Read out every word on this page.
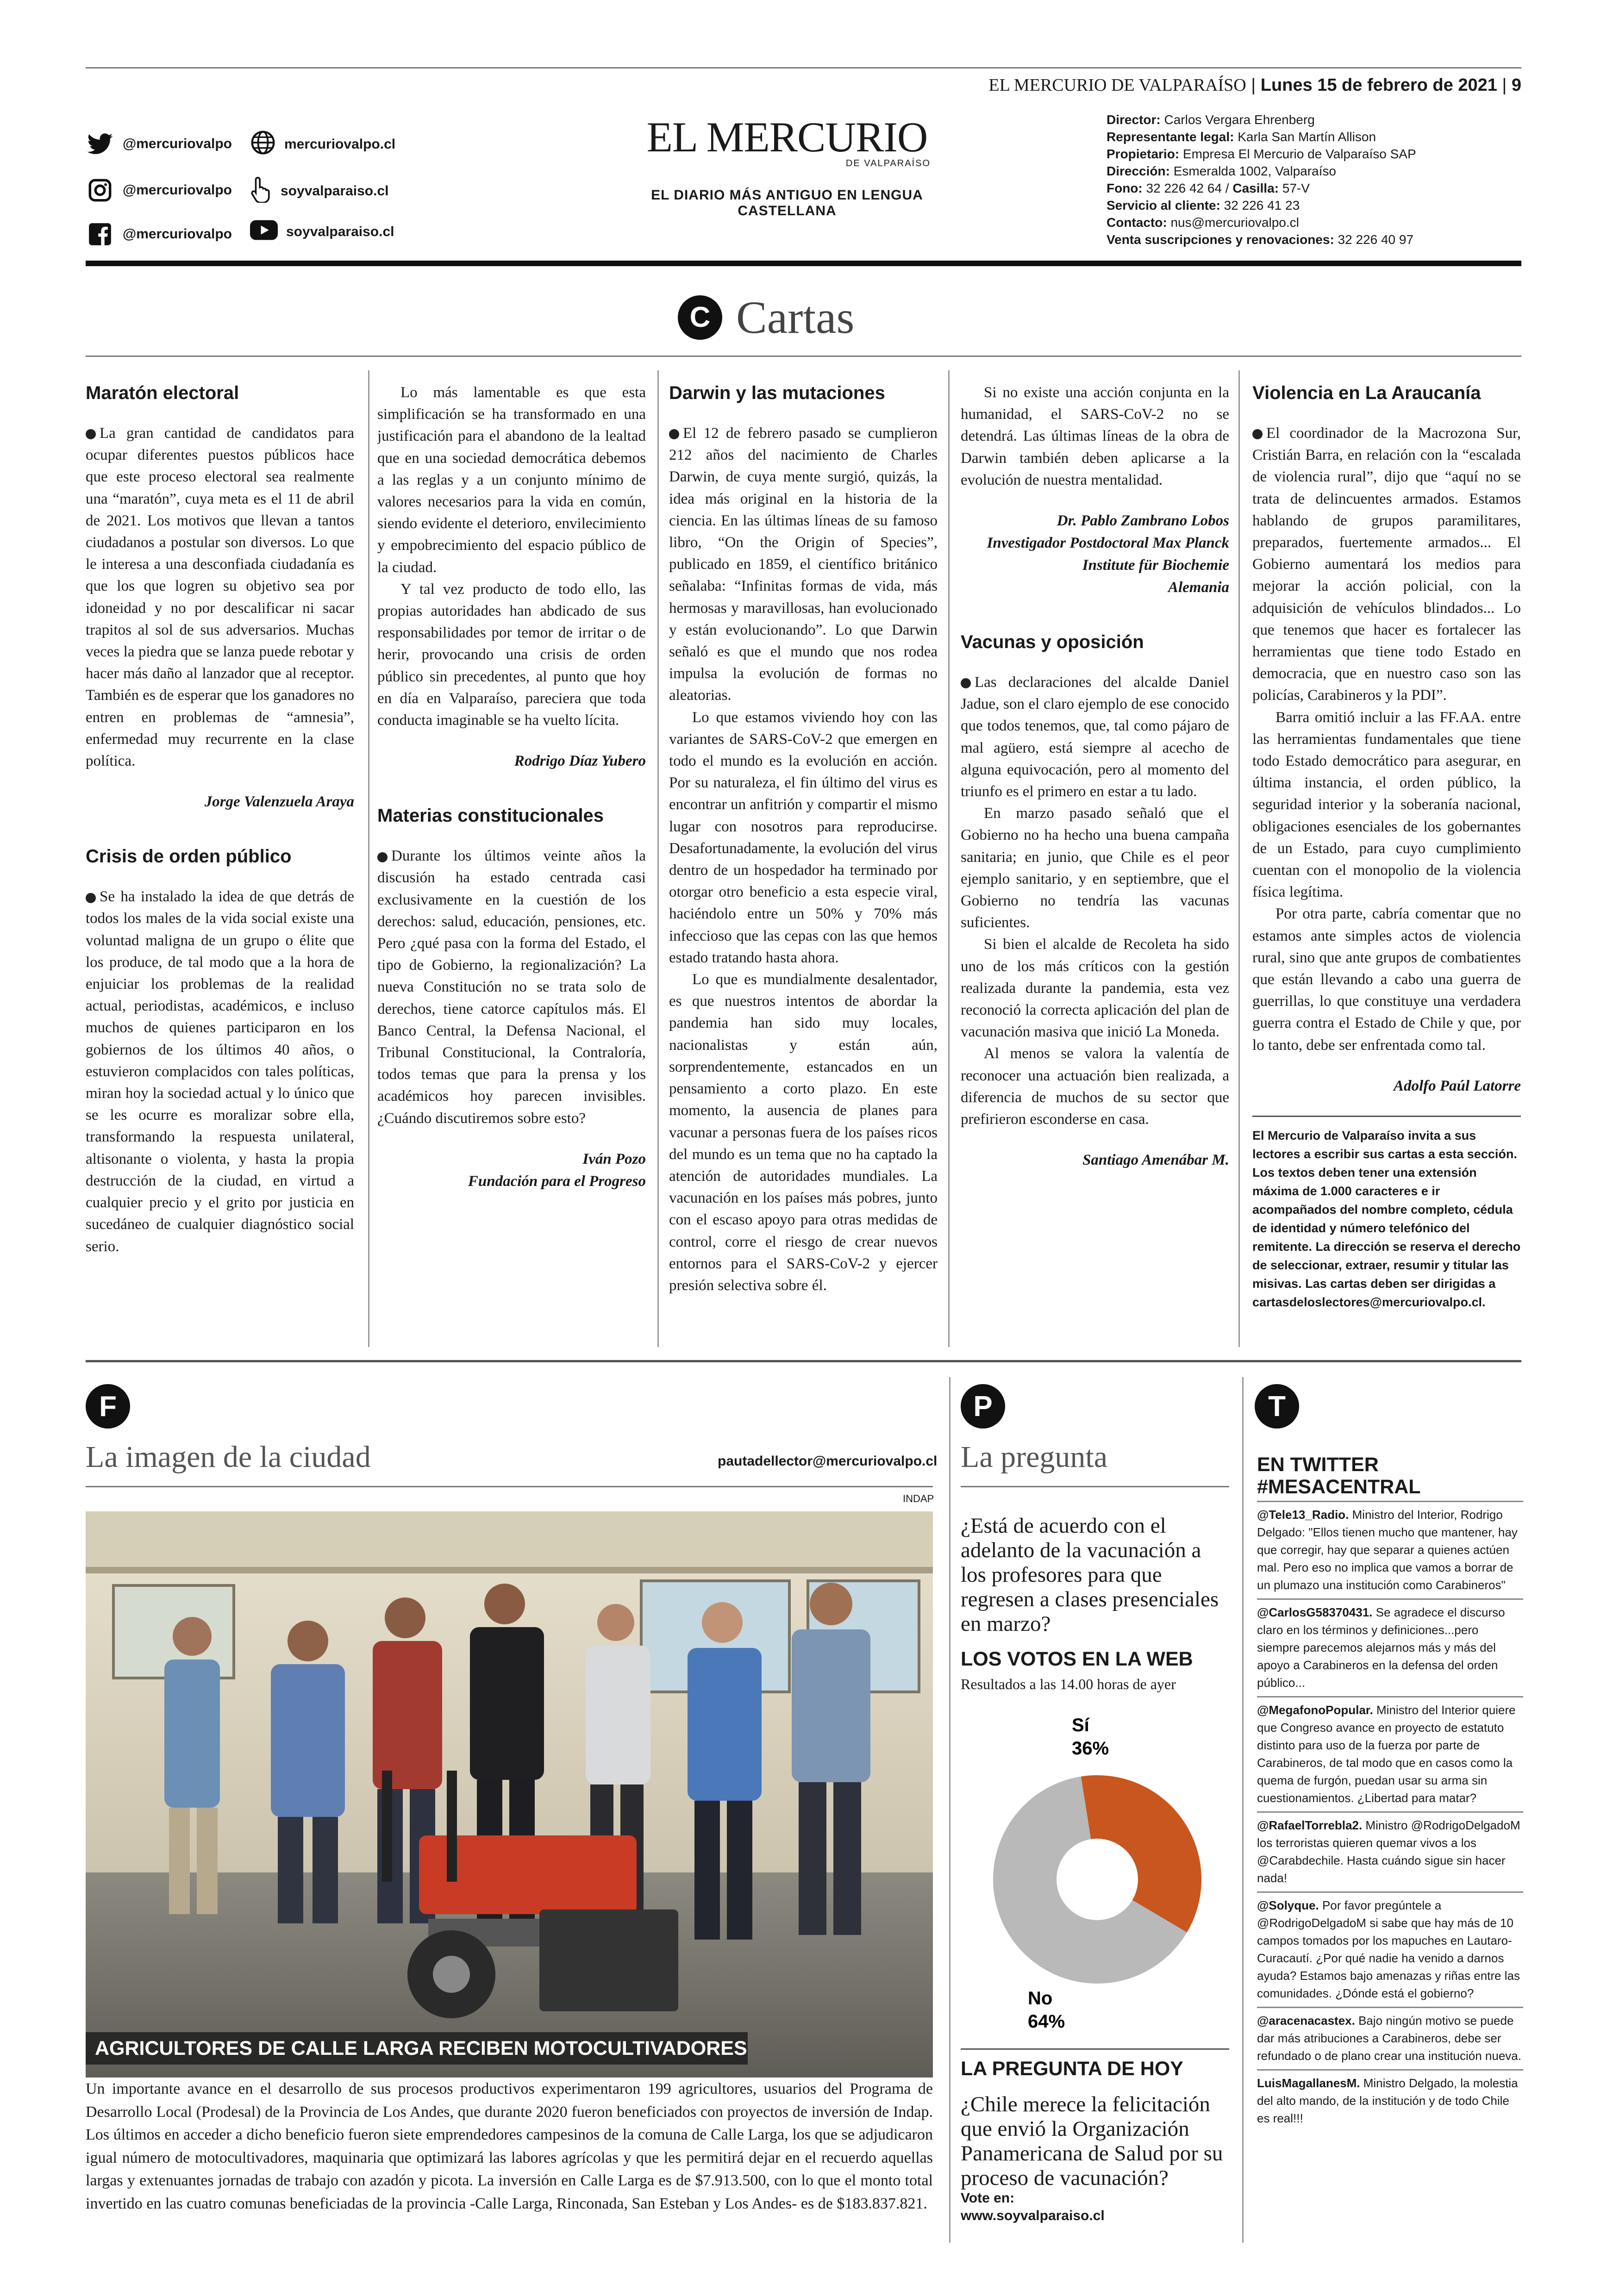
EL MERCURIO DE VALPARAÍSO | Lunes 15 de febrero de 2021 | 9
@mercuriovalpo
@mercuriovalpo
@mercuriovalpo
mercuriovalpo.cl
soyvalparaiso.cl
soyvalparaiso.cl
EL MERCURIO
DE VALPARAÍSO
EL DIARIO MÁS ANTIGUO EN LENGUA CASTELLANA
Director: Carlos Vergara Ehrenberg
Representante legal: Karla San Martín Allison
Propietario: Empresa El Mercurio de Valparaíso SAP
Dirección: Esmeralda 1002, Valparaíso
Fono: 32 226 42 64 / Casilla: 57-V
Servicio al cliente: 32 226 41 23
Contacto: nus@mercuriovalpo.cl
Venta suscripciones y renovaciones: 32 226 40 97
C Cartas
Maratón electoral

La gran cantidad de candidatos para ocupar diferentes puestos públicos hace que este proceso electoral sea realmente una “maratón”, cuya meta es el 11 de abril de 2021. Los motivos que llevan a tantos ciudadanos a postular son diversos. Lo que le interesa a una desconfiada ciudadanía es que los que logren su objetivo sea por idoneidad y no por descalificar ni sacar trapitos al sol de sus adversarios. Muchas veces la piedra que se lanza puede rebotar y hacer más daño al lanzador que al receptor. También es de esperar que los ganadores no entren en problemas de “amnesia”, enfermedad muy recurrente en la clase política.

Jorge Valenzuela Araya
Crisis de orden público

Se ha instalado la idea de que detrás de todos los males de la vida social existe una voluntad maligna de un grupo o élite que los produce, de tal modo que a la hora de enjuiciar los problemas de la realidad actual, periodistas, académicos, e incluso muchos de quienes participaron en los gobiernos de los últimos 40 años, o estuvieron complacidos con tales políticas, miran hoy la sociedad actual y lo único que se les ocurre es moralizar sobre ella, transformando la respuesta unilateral, altisonante o violenta, y hasta la propia destrucción de la ciudad, en virtud a cualquier precio y el grito por justicia en sucedáneo de cualquier diagnóstico social serio.

Lo más lamentable es que esta simplificación se ha transformado en una justificación para el abandono de la lealtad que en una sociedad democrática debemos a las reglas y a un conjunto mínimo de valores necesarios para la vida en común, siendo evidente el deterioro, envilecimiento y empobrecimiento del espacio público de la ciudad.

Y tal vez producto de todo ello, las propias autoridades han abdicado de sus responsabilidades por temor de irritar o de herir, provocando una crisis de orden público sin precedentes, al punto que hoy en día en Valparaíso, pareciera que toda conducta imaginable se ha vuelto lícita.

Rodrigo Díaz Yubero
Materias constitucionales

Durante los últimos veinte años la discusión ha estado centrada casi exclusivamente en la cuestión de los derechos: salud, educación, pensiones, etc. Pero ¿qué pasa con la forma del Estado, el tipo de Gobierno, la regionalización? La nueva Constitución no se trata solo de derechos, tiene catorce capítulos más. El Banco Central, la Defensa Nacional, el Tribunal Constitucional, la Contraloría, todos temas que para la prensa y los académicos hoy parecen invisibles. ¿Cuándo discutiremos sobre esto?

Iván Pozo
Fundación para el Progreso
Darwin y las mutaciones

El 12 de febrero pasado se cumplieron 212 años del nacimiento de Charles Darwin, de cuya mente surgió, quizás, la idea más original en la historia de la ciencia. En las últimas líneas de su famoso libro, “On the Origin of Species”, publicado en 1859, el científico británico señalaba: “Infinitas formas de vida, más hermosas y maravillosas, han evolucionado y están evolucionando”. Lo que Darwin señaló es que el mundo que nos rodea impulsa la evolución de formas no aleatorias.

Lo que estamos viviendo hoy con las variantes de SARS-CoV-2 que emergen en todo el mundo es la evolución en acción. Por su naturaleza, el fin último del virus es encontrar un anfitrión y compartir el mismo lugar con nosotros para reproducirse. Desafortunadamente, la evolución del virus dentro de un hospedador ha terminado por otorgar otro beneficio a esta especie viral, haciéndolo entre un 50% y 70% más infeccioso que las cepas con las que hemos estado tratando hasta ahora.

Lo que es mundialmente desalentador, es que nuestros intentos de abordar la pandemia han sido muy locales, nacionalistas y están aún, sorprendentemente, estancados en un pensamiento a corto plazo. En este momento, la ausencia de planes para vacunar a personas fuera de los países ricos del mundo es un tema que no ha captado la atención de autoridades mundiales. La vacunación en los países más pobres, junto con el escaso apoyo para otras medidas de control, corre el riesgo de crear nuevos entornos para el SARS-CoV-2 y ejercer presión selectiva sobre él.

Si no existe una acción conjunta en la humanidad, el SARS-CoV-2 no se detendrá. Las últimas líneas de la obra de Darwin también deben aplicarse a la evolución de nuestra mentalidad.

Dr. Pablo Zambrano Lobos
Investigador Postdoctoral Max Planck Institute für Biochemie
Alemania
Vacunas y oposición

Las declaraciones del alcalde Daniel Jadue, son el claro ejemplo de ese conocido que todos tenemos, que, tal como pájaro de mal agüero, está siempre al acecho de alguna equivocación, pero al momento del triunfo es el primero en estar a tu lado.

En marzo pasado señaló que el Gobierno no ha hecho una buena campaña sanitaria; en junio, que Chile es el peor ejemplo sanitario, y en septiembre, que el Gobierno no tendría las vacunas suficientes.

Si bien el alcalde de Recoleta ha sido uno de los más críticos con la gestión realizada durante la pandemia, esta vez reconoció la correcta aplicación del plan de vacunación masiva que inició La Moneda.

Al menos se valora la valentía de reconocer una actuación bien realizada, a diferencia de muchos de su sector que prefirieron esconderse en casa.

Santiago Amenábar M.
Violencia en La Araucanía

El coordinador de la Macrozona Sur, Cristián Barra, en relación con la “escalada de violencia rural”, dijo que “aquí no se trata de delincuentes armados. Estamos hablando de grupos paramilitares, preparados, fuertemente armados... El Gobierno aumentará los medios para mejorar la acción policial, con la adquisición de vehículos blindados... Lo que tenemos que hacer es fortalecer las herramientas que tiene todo Estado en democracia, que en nuestro caso son las policías, Carabineros y la PDI”.

Barra omitió incluir a las FF.AA. entre las herramientas fundamentales que tiene todo Estado democrático para asegurar, en última instancia, el orden público, la seguridad interior y la soberanía nacional, obligaciones esenciales de los gobernantes de un Estado, para cuyo cumplimiento cuentan con el monopolio de la violencia física legítima.

Por otra parte, cabría comentar que no estamos ante simples actos de violencia rural, sino que ante grupos de combatientes que están llevando a cabo una guerra de guerrillas, lo que constituye una verdadera guerra contra el Estado de Chile y que, por lo tanto, debe ser enfrentada como tal.

Adolfo Paúl Latorre
El Mercurio de Valparaíso invita a sus lectores a escribir sus cartas a esta sección. Los textos deben tener una extensión máxima de 1.000 caracteres e ir acompañados del nombre completo, cédula de identidad y número telefónico del remitente. La dirección se reserva el derecho de seleccionar, extraer, resumir y titular las misivas. Las cartas deben ser dirigidas a cartasdeloslectores@mercuriovalpo.cl.
F
La imagen de la ciudad	pautadellector@mercuriovalpo.cl
INDAP
AGRICULTORES DE CALLE LARGA RECIBEN MOTOCULTIVADORES
Un importante avance en el desarrollo de sus procesos productivos experimentaron 199 agricultores, usuarios del Programa de Desarrollo Local (Prodesal) de la Provincia de Los Andes, que durante 2020 fueron beneficiados con proyectos de inversión de Indap. Los últimos en acceder a dicho beneficio fueron siete emprendedores campesinos de la comuna de Calle Larga, los que se adjudicaron igual número de motocultivadores, maquinaria que optimizará las labores agrícolas y que les permitirá dejar en el recuerdo aquellas largas y extenuantes jornadas de trabajo con azadón y picota. La inversión en Calle Larga es de $7.913.500, con lo que el monto total invertido en las cuatro comunas beneficiadas de la provincia -Calle Larga, Rinconada, San Esteban y Los Andes- es de $183.837.821.
P
La pregunta
¿Está de acuerdo con el adelanto de la vacunación a los profesores para que regresen a clases presenciales en marzo?
LOS VOTOS EN LA WEB
Resultados a las 14.00 horas de ayer
Sí
36%
No
64%
LA PREGUNTA DE HOY
¿Chile merece la felicitación que envió la Organización Panamericana de Salud por su proceso de vacunación?
Vote en:
www.soyvalparaiso.cl
T
EN TWITTER
#MESACENTRAL
@Tele13_Radio. Ministro del Interior, Rodrigo Delgado: "Ellos tienen mucho que mantener, hay que corregir, hay que separar a quienes actúen mal. Pero eso no implica que vamos a borrar de un plumazo una institución como Carabineros"
@CarlosG58370431. Se agradece el discurso claro en los términos y definiciones...pero siempre parecemos alejarnos más y más del apoyo a Carabineros en la defensa del orden público...
@MegafonoPopular. Ministro del Interior quiere que Congreso avance en proyecto de estatuto distinto para uso de la fuerza por parte de Carabineros, de tal modo que en casos como la quema de furgón, puedan usar su arma sin cuestionamientos. ¿Libertad para matar?
@RafaelTorrebla2. Ministro @RodrigoDelgadoM los terroristas quieren quemar vivos a los @Carabdechile. Hasta cuándo sigue sin hacer nada!
@Solyque. Por favor pregúntele a @RodrigoDelgadoM si sabe que hay más de 10 campos tomados por los mapuches en Lautaro-Curacautí. ¿Por qué nadie ha venido a darnos ayuda? Estamos bajo amenazas y riñas entre las comunidades. ¿Dónde está el gobierno?
@aracenacastex. Bajo ningún motivo se puede dar más atribuciones a Carabineros, debe ser refundado o de plano crear una institución nueva.
LuisMagallanesM. Ministro Delgado, la molestia del alto mando, de la institución y de todo Chile es real!!!
